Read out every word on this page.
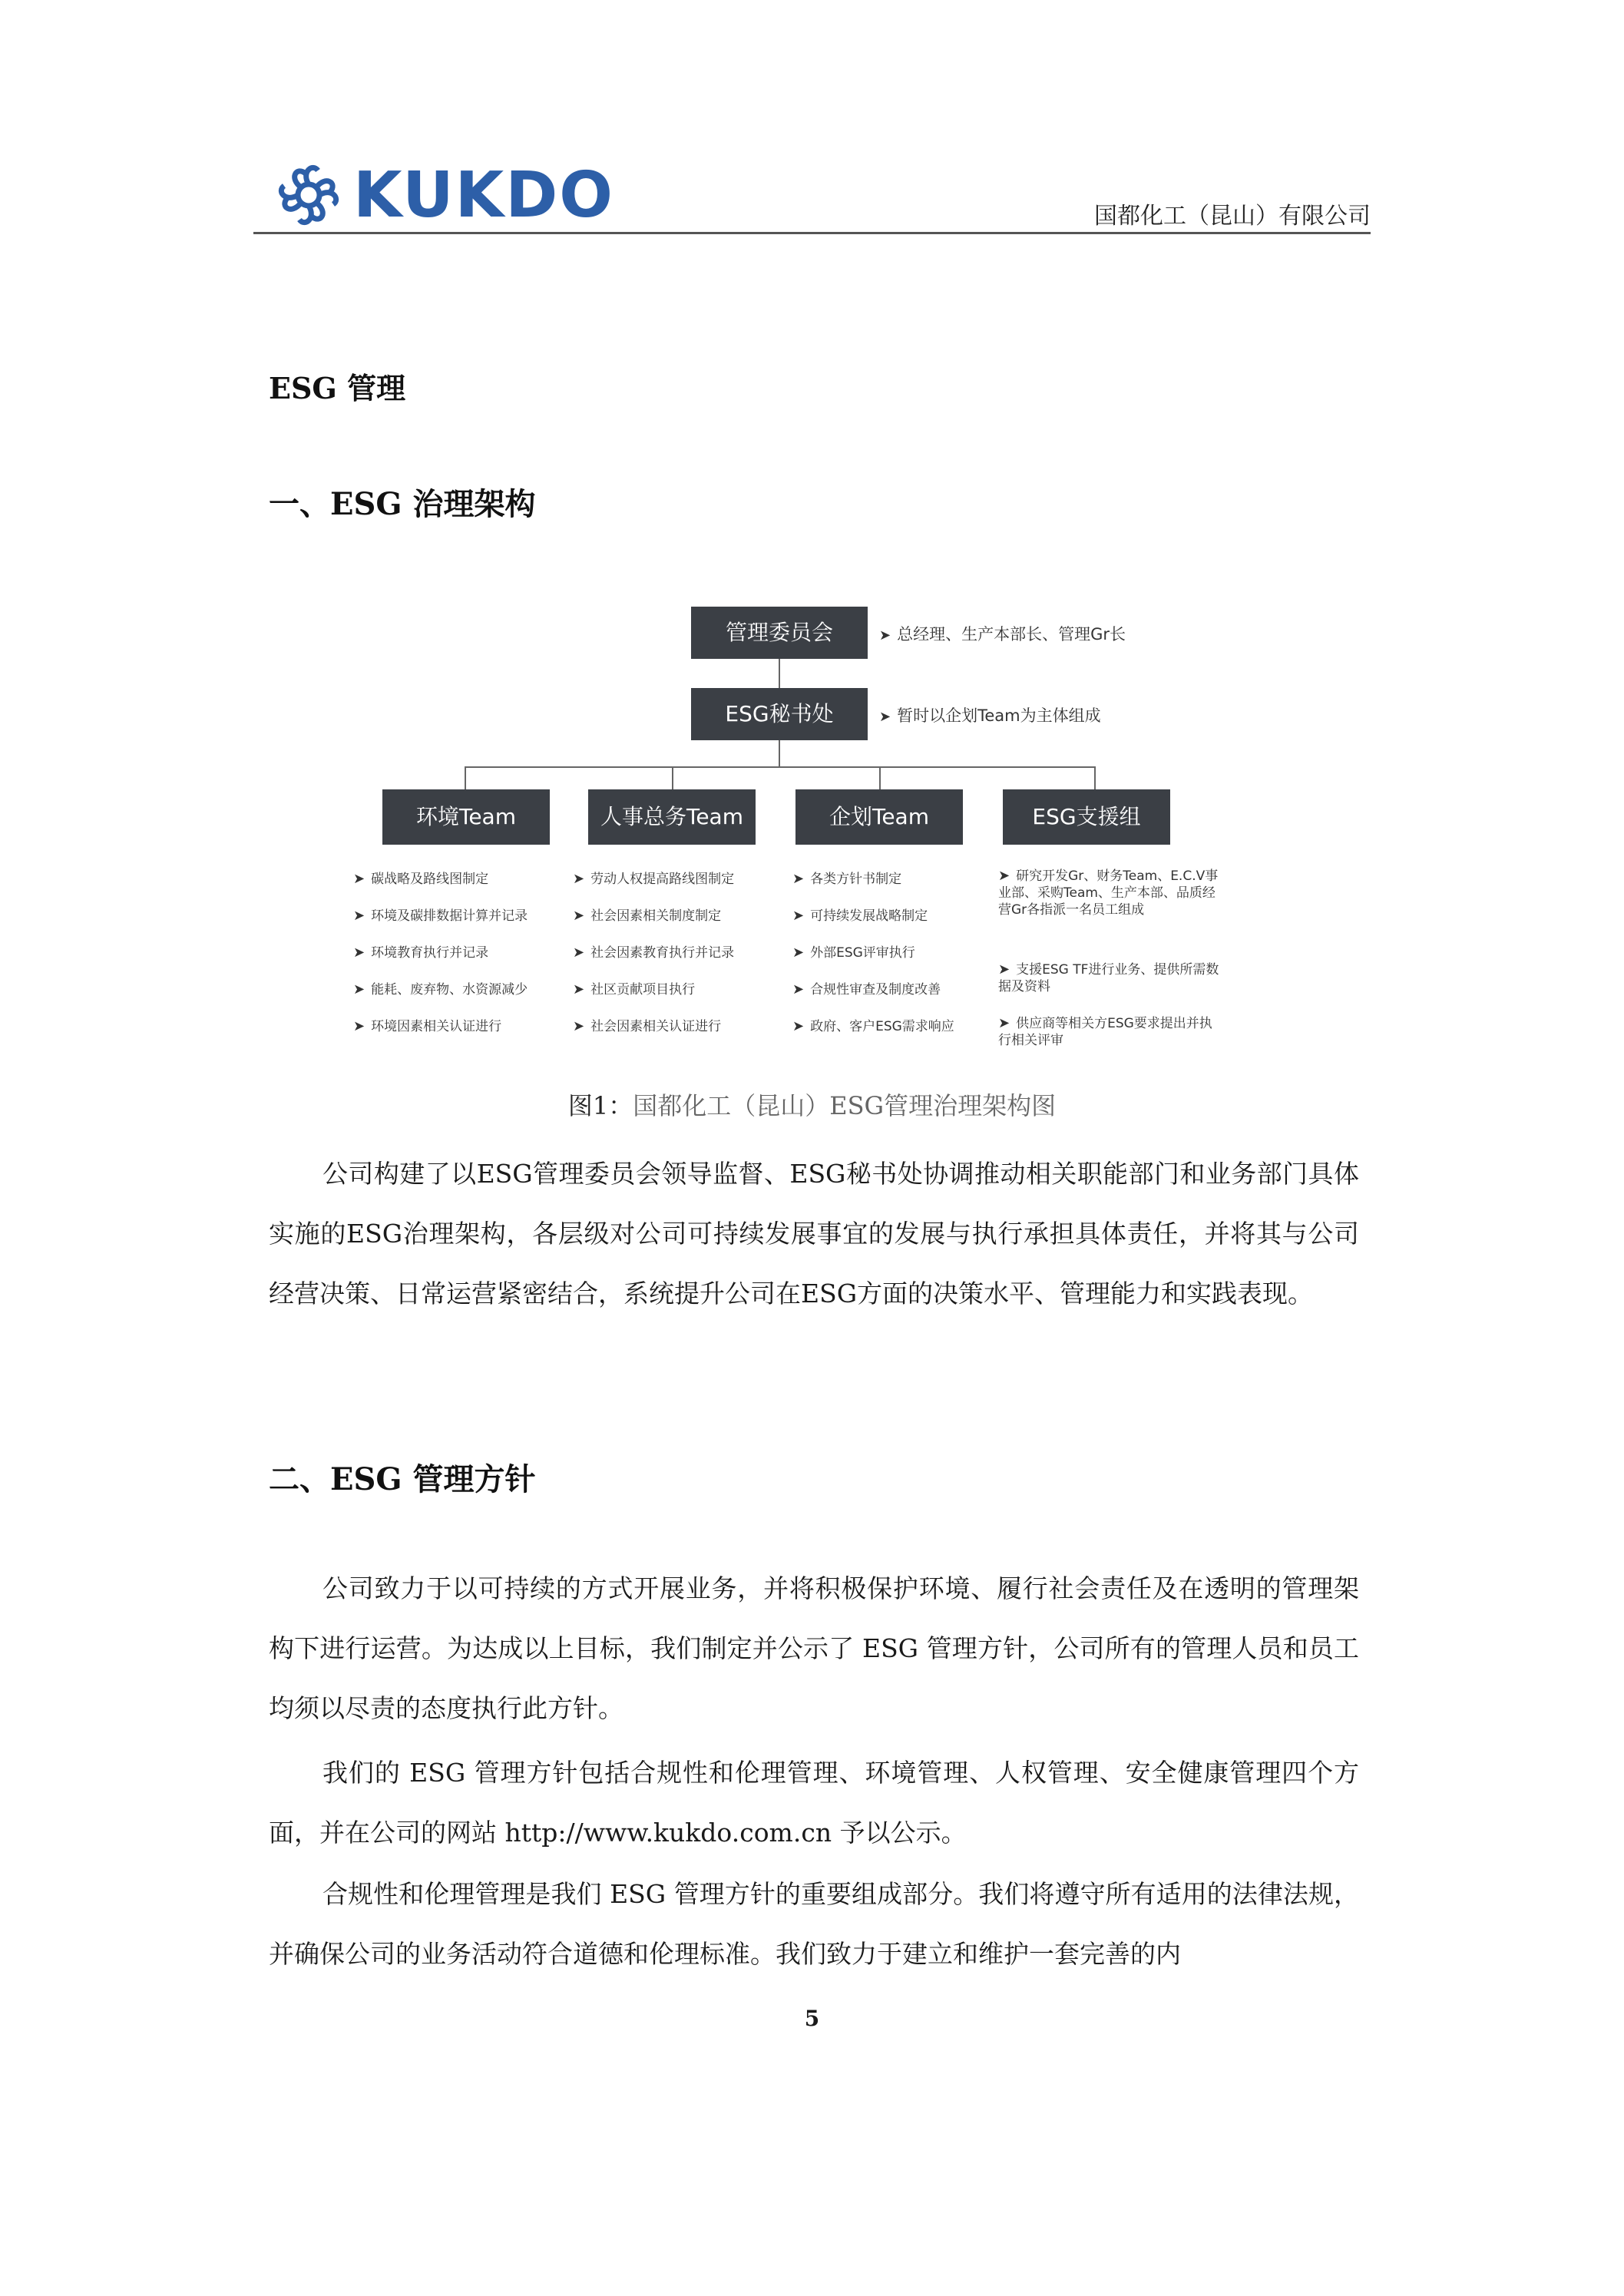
KUKDO	国都化工（昆山）有限公司
ESG 管理
一、ESG 治理架构
管理委员会	➤ 总经理、生产本部长、管理Gr长
ESG秘书处	➤ 暂时以企划Team为主体组成
环境Team	人事总务Team	企划Team	ESG支援组
➤ 碳战略及路线图制定
➤ 环境及碳排数据计算并记录
➤ 环境教育执行并记录
➤ 能耗、废弃物、水资源减少
➤ 环境因素相关认证进行
➤ 劳动人权提高路线图制定
➤ 社会因素相关制度制定
➤ 社会因素教育执行并记录
➤ 社区贡献项目执行
➤ 社会因素相关认证进行
➤ 各类方针书制定
➤ 可持续发展战略制定
➤ 外部ESG评审执行
➤ 合规性审查及制度改善
➤ 政府、客户ESG需求响应
➤ 研究开发Gr、财务Team、E.C.V事业部、采购Team、生产本部、品质经营Gr各指派一名员工组成
➤ 支援ESG TF进行业务、提供所需数据及资料
➤ 供应商等相关方ESG要求提出并执行相关评审
图1：国都化工（昆山）ESG管理治理架构图
公司构建了以ESG管理委员会领导监督、ESG秘书处协调推动相关职能部门和业务部门具体实施的ESG治理架构，各层级对公司可持续发展事宜的发展与执行承担具体责任，并将其与公司经营决策、日常运营紧密结合，系统提升公司在ESG方面的决策水平、管理能力和实践表现。
二、ESG 管理方针
公司致力于以可持续的方式开展业务，并将积极保护环境、履行社会责任及在透明的管理架构下进行运营。为达成以上目标，我们制定并公示了 ESG 管理方针，公司所有的管理人员和员工均须以尽责的态度执行此方针。
我们的 ESG 管理方针包括合规性和伦理管理、环境管理、人权管理、安全健康管理四个方面，并在公司的网站 http://www.kukdo.com.cn 予以公示。
合规性和伦理管理是我们 ESG 管理方针的重要组成部分。我们将遵守所有适用的法律法规，并确保公司的业务活动符合道德和伦理标准。我们致力于建立和维护一套完善的内
5
